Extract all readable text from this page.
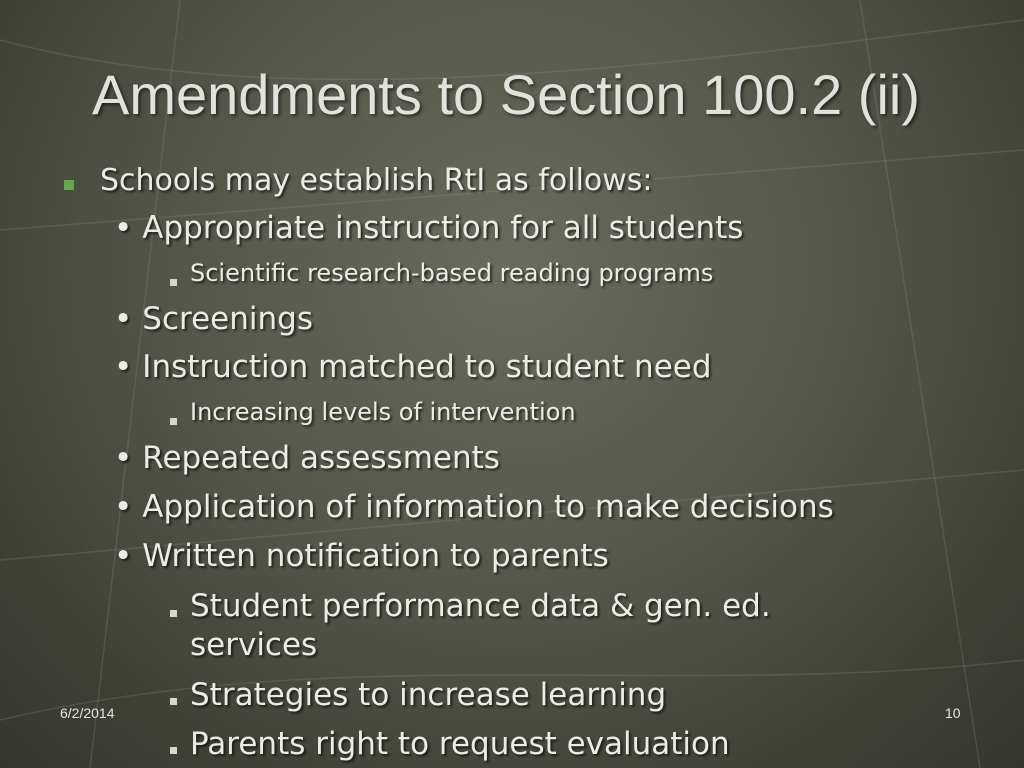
Amendments to Section 100.2 (ii)
Schools may establish RtI as follows:
• Appropriate instruction for all students
Scientific research-based reading programs
• Screenings
• Instruction matched to student need
Increasing levels of intervention
• Repeated assessments
• Application of information to make decisions
• Written notification to parents
Student performance data & gen. ed.
services
Strategies to increase learning
Parents right to request evaluation
6/2/2014	10
